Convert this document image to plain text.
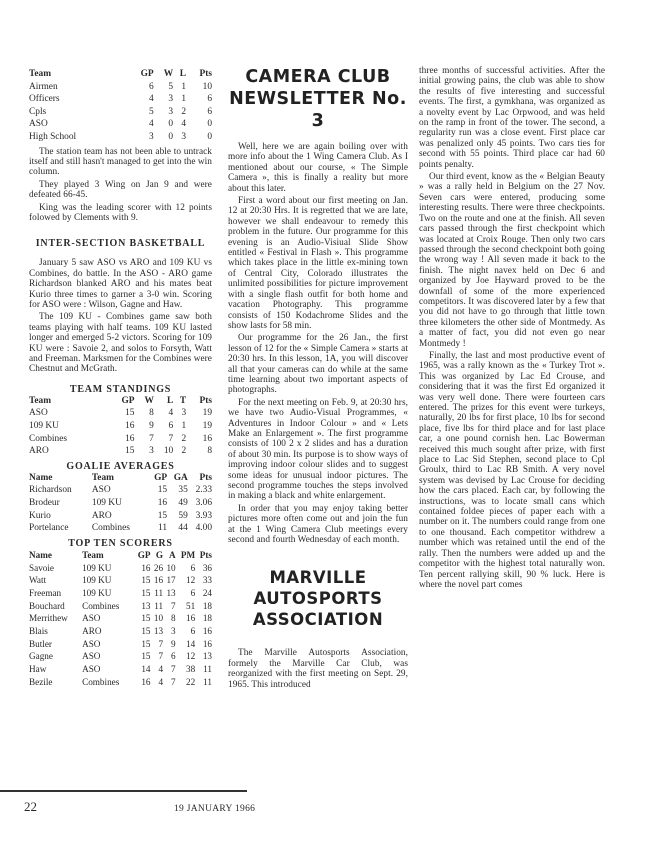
Team	GP	W	L	Pts
Airmen	6	5	1	10
Officers	4	3	1	6
Cpls	5	3	2	6
ASO	4	0	4	0
High School	3	0	3	0

The station team has not been able to untrack itself and still hasn't managed to get into the win column.

They played 3 Wing on Jan 9 and were defeated 66-45.

King was the leading scorer with 12 points folowed by Clements with 9.

INTER-SECTION BASKETBALL

January 5 saw ASO vs ARO and 109 KU vs Combines, do battle. In the ASO - ARO game Richardson blanked ARO and his mates beat Kurio three times to garner a 3-0 win. Scoring for ASO were : Wilson, Gagne and Haw.

The 109 KU - Combines game saw both teams playing with half teams. 109 KU lasted longer and emerged 5-2 victors. Scoring for 109 KU were : Savoie 2, and solos to Forsyth, Watt and Freeman. Marksmen for the Combines were Chestnut and McGrath.

TEAM STANDINGS
Team	GP	W	L	T	Pts
ASO	15	8	4	3	19
109 KU	16	9	6	1	19
Combines	16	7	7	2	16
ARO	15	3	10	2	8
GOALIE AVERAGES
Name	Team	GP	GA	Pts
Richardson	ASO	15	35	2.33
Brodeur	109 KU	16	49	3.06
Kurio	ARO	15	59	3.93
Portelance	Combines	11	44	4.00
TOP TEN SCORERS
Name	Team	GP	G	A	PM	Pts
Savoie	109 KU	16	26	10	6	36
Watt	109 KU	15	16	17	12	33
Freeman	109 KU	15	11	13	6	24
Bouchard	Combines	13	11	7	51	18
Merrithew	ASO	15	10	8	16	18
Blais	ARO	15	13	3	6	16
Butler	ASO	15	7	9	14	16
Gagne	ASO	15	7	6	12	13
Haw	ASO	14	4	7	38	11
Bezile	Combines	16	4	7	22	11
CAMERA CLUB
NEWSLETTER No. 3

Well, here we are again boiling over with more info about the 1 Wing Camera Club. As I mentioned about our course, « The Simple Camera », this is finally a reality but more about this later.

First a word about our first meeting on Jan. 12 at 20:30 Hrs. It is regretted that we are late, however we shall endeavour to remedy this problem in the future. Our programme for this evening is an Audio-Visiual Slide Show entitled « Festival in Flash ». This programme which takes place in the little ex-mining town of Central City, Colorado illustrates the unlimited possibilities for picture improvement with a single flash outfit for both home and vacation Photography. This programme consists of 150 Kodachrome Slides and the show lasts for 58 min.

Our programme for the 26 Jan., the first lesson of 12 for the « Simple Camera » starts at 20:30 hrs. In this lesson, 1A, you will discover all that your cameras can do while at the same time learning about two important aspects of photographs.

For the next meeting on Feb. 9, at 20:30 hrs, we have two Audio-Visual Programmes, « Adventures in Indoor Colour » and « Lets Make an Enlargement ». The first programme consists of 100 2 x 2 slides and has a duration of about 30 min. Its purpose is to show ways of improving indoor colour slides and to suggest some ideas for unusual indoor pictures. The second programme touches the steps involved in making a black and white enlargement.

In order that you may enjoy taking better pictures more often come out and join the fun at the 1 Wing Camera Club meetings every second and fourth Wednesday of each month.

MARVILLE
AUTOSPORTS
ASSOCIATION

The Marville Autosports Association, formely the Marville Car Club, was reorganized with the first meeting on Sept. 29, 1965. This introduced

three months of successful activities. After the initial growing pains, the club was able to show the results of five interesting and successful events. The first, a gymkhana, was organized as a novelty event by Lac Orpwood, and was held on the ramp in front of the tower. The second, a regularity run was a close event. First place car was penalized only 45 points. Two cars ties for second with 55 points. Third place car had 60 points penalty.

Our third event, know as the « Belgian Beauty » was a rally held in Belgium on the 27 Nov. Seven cars were entered, producing some interesting results. There were three checkpoints. Two on the route and one at the finish. All seven cars passed through the first checkpoint which was located at Croix Rouge. Then only two cars passed through the second checkpoint both going the wrong way ! All seven made it back to the finish. The night navex held on Dec 6 and organized by Joe Hayward proved to be the downfall of some of the more experienced competitors. It was discovered later by a few that you did not have to go through that little town three kilometers the other side of Montmedy. As a matter of fact, you did not even go near Montmedy !

Finally, the last and most productive event of 1965, was a rally known as the « Turkey Trot ». This was organized by Lac Ed Crouse, and considering that it was the first Ed organized it was very well done. There were fourteen cars entered. The prizes for this event were turkeys, naturally, 20 lbs for first place, 10 lbs for second place, five lbs for third place and for last place car, a one pound cornish hen. Lac Bowerman received this much sought after prize, with first place to Lac Sid Stephen, second place to Cpl Groulx, third to Lac RB Smith. A very novel system was devised by Lac Crouse for deciding how the cars placed. Each car, by following the instructions, was to locate small cans which contained foldee pieces of paper each with a number on it. The numbers could range from one to one thousand. Each competitor withdrew a number which was retained until the end of the rally. Then the numbers were added up and the competitor with the highest total naturally won. Ten percent rallying skill, 90 % luck. Here is where the novel part comes

22	19 JANUARY 1966
